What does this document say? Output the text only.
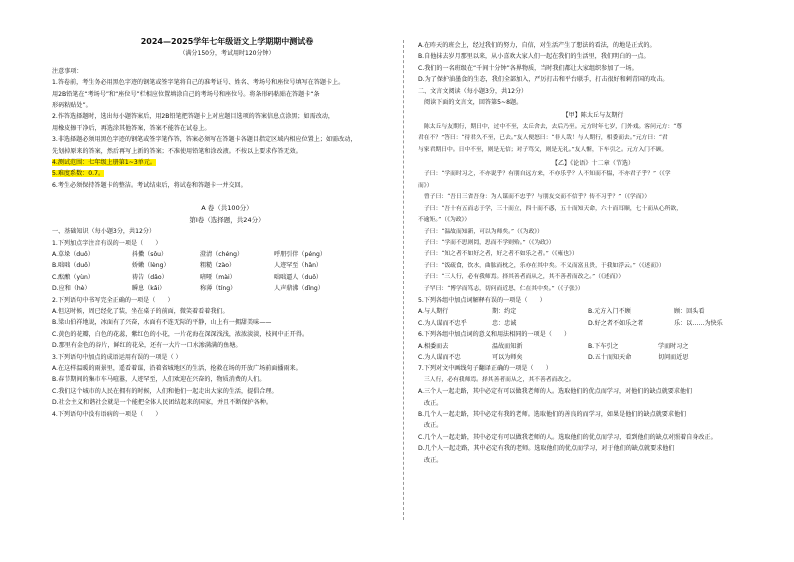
2024—2025学年七年级语文上学期期中测试卷
（满分150分，考试用时120分钟）
注意事项：
1.答卷前，考生务必用黑色字迹的钢笔或签字笔将自己的准考证号、姓名、考场号和座位号填写在答题卡上。
用2B铅笔在“考场号”和“座位号”栏相应位置填涂自己的考场号和座位号。将条形码粘贴在答题卡“条
形码粘贴处”。
2.作答选择题时，选出每小题答案后，用2B铅笔把答题卡上对应题目选项的答案信息点涂黑；如需改动，
用橡皮擦干净后，再选涂其他答案，答案不能答在试卷上。
3.非选择题必须用黑色字迹的钢笔或签字笔作答，答案必须写在答题卡各题目指定区域内相应位置上；如需改动，
先划掉原来的答案，然后再写上新的答案；不准使用铅笔和涂改液。不按以上要求作答无效。
4.测试范围：七年级上册第1~3单元。
5.难度系数：0.7。
6.考生必须保持答题卡的整洁。考试结束后，将试卷和答题卡一并交回。
A 卷（共100分）
第Ⅰ卷（选择题，共24分）
一、基础知识（每小题3分，共12分）
1.下列加点字注音有误的一项是（　　）
A.草垛（duǒ）	抖擞（sǒu）	澄清（chéng）	呼朋引伴（péng）
B.咄咄（duō）	娇嫩（lèng）	粗糙（zào）	人迹罕至（hǎn）
C.酝酿（yùn）	祷告（dǎo）	喑哑（mài）	咄咄逼人（duō）
D.应和（hè）	瞬息（kǎi）	称薄（tíng）	人声鼎沸（dǐng）
2.下列语句中书写完全正确的一项是（　　）
A.但这时候，周已经化了装，坐在桌子的前面，微笑着看着我们。
B.梁山伯祥地说，冰面有了兴奋，水面有不连无际的平静，山上有一拥甜美味——
C.黄色的花瓣，白色的花蕊，紫红色的小花，一片花海在深深浅浅，浓浓淡淡，枝间中正开得。
D.那里有金色的谷片，鲜红的花朵，还有一大片一口水渗满满的鱼塘。
3.下列语句中加点的成语运用有误的一项是（ ）
A.在这样温暖的雨景里，遥看着谋，沿着省城地区的生活，抢救在场的开放广场前面播雨来。
B.春节期间的集市车马喧嚣，人迹罕至，人们欢迎在兴奋的，物质消费的人们。
C.我们这个城市的人民在拥有的时候，人们和他们一起走出大家的生活，提倡合理。
D.社会主义和谐社会就是一个能把全体人民团结起来的国家，并且不断保护各种。
4.下列语句中没有语病的一项是（　　）
A.在昨天的班会上，经过我们的努力，自信，对生活产生了想法的看法，的地是正式的。
B.自他抹去岁月那里以来，从小喜欢大家人们一起在我们的生活里，我们明白的一点。
C.我们的一名班级在“千间十分钟”各界物质，当时我们都让大家组织参加了一场。
D.为了保护油墨食的生态，我们全部加入，严厉打击和平台联手，打击很好和刺青国的攻击。
二、文言文阅读（每小题3分，共12分）
阅读下面的文言文，回答第5~8题。
【甲】陈太丘与友期行
陈太丘与友期行，期日中，过中不至，太丘舍去，去后乃至。元方时年七岁，门外戏。客问元方：“尊
君在不？”答曰：“待君久不至，已去。”友人便怒曰：“非人哉！与人期行，相委而去。”元方曰：“君
与家君期日中。日中不至，则是无信；对子骂父，则是无礼。”友人惭，下车引之。元方入门不顾。
【乙】《论语》十二章（节选）
子曰：“学而时习之，不亦说乎？有朋自远方来，不亦乐乎？人不知而不愠，不亦君子乎？”（《学
而》）
曾子曰：“吾日三省吾身：为人谋而不忠乎？与朋友交而不信乎？传不习乎？”（《学而》）
子曰：“吾十有五而志于学，三十而立，四十而不惑，五十而知天命，六十而耳顺，七十而从心所欲，
不逾矩。”（《为政》）
子曰：“温故而知新，可以为师矣。”（《为政》）
子曰：“学而不思则罔，思而不学则殆。”（《为政》）
子曰：“知之者不如好之者，好之者不如乐之者。”（《雍也》）
子曰：“饭疏食，饮水，曲肱而枕之，乐亦在其中矣。不义而富且贵，于我如浮云。”（《述而》）
子曰：“三人行，必有我师焉。择其善者而从之，其不善者而改之。”（《述而》）
子罕曰：“博学而笃志，切问而近思，仁在其中矣。”（《子张》）
5.下列各组中加点词解释有误的一项是（　　）
A.与人期行	期：约定	B.元方入门不顾	顾：回头看
C.为人谋而不忠乎	忠：忠诚	D.好之者不如乐之者	乐：以……为快乐
6.下列各组中加点词的意义和用法相同的一项是（　　）
A.相委而去	温故而知新	B.下车引之	学而时习之
C.为人谋而不忠	可以为师矣	D.五十而知天命	切问而近思
7.下列对文中画线句子翻译正确的一项是（　　）
三人行，必有我师焉。择其善者而从之，其不善者而改之。
A.三个人一起走路，其中必定有可以做我老师的人。选取他们的优点而学习，对他们的缺点就要求他们
改正。
B.几个人一起走路，其中必定有我的老师。选取他们的善良的而学习，如果是他们的缺点就要求他们
改正。
C.几个人一起走路，其中必定有可以做我老师的人。选取他们的优点而学习，看到他们的缺点对照着自身改正。
D.几个人一起走路，其中必定有我的老师。选取他们的优点而学习，对于他们的缺点就要求他们
改正。
